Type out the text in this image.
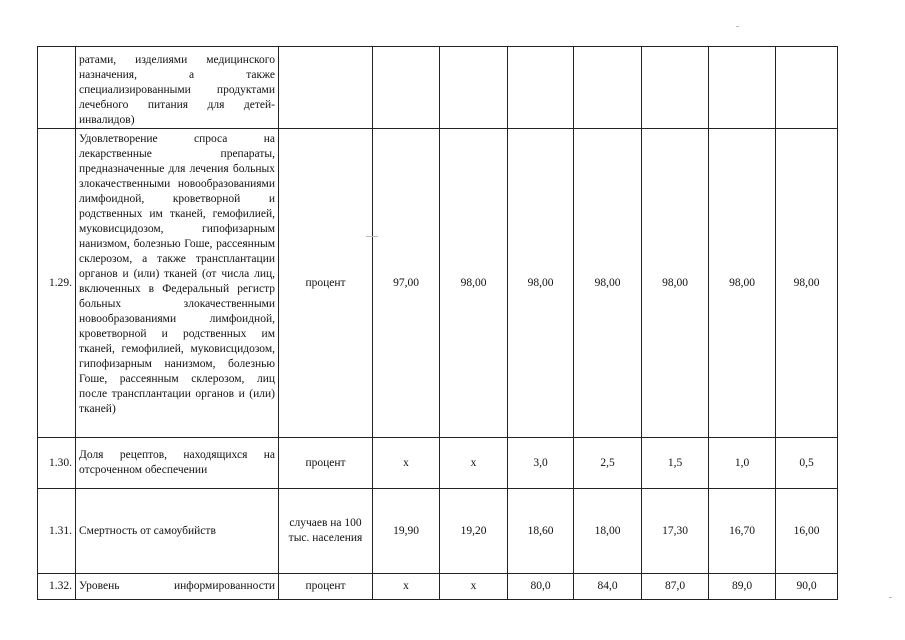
	ратами, изделиями медицинского назначения, а также специализированными продуктами лечебного питания для детей-инвалидов)								
1.29.	Удовлетворение спроса на лекарственные препараты, предназначенные для лечения больных злокачественными новообразованиями лимфоидной, кроветворной и родственных им тканей, гемофилией, муковисцидозом, гипофизарным нанизмом, болезнью Гоше, рассеянным склерозом, а также трансплантации органов и (или) тканей (от числа лиц, включенных в Федеральный регистр больных злокачественными новообразованиями лимфоидной, кроветворной и родственных им тканей, гемофилией, муковисцидозом, гипофизарным нанизмом, болезнью Гоше, рассеянным склерозом, лиц после трансплантации органов и (или) тканей)	процент	97,00	98,00	98,00	98,00	98,00	98,00	98,00
1.30.	Доля рецептов, находящихся на отсроченном обеспечении	процент	х	х	3,0	2,5	1,5	1,0	0,5
1.31.	Смертность от самоубийств	случаев на 100 тыс. населения	19,90	19,20	18,60	18,00	17,30	16,70	16,00
1.32.	Уровень информированности	процент	х	х	80,0	84,0	87,0	89,0	90,0
